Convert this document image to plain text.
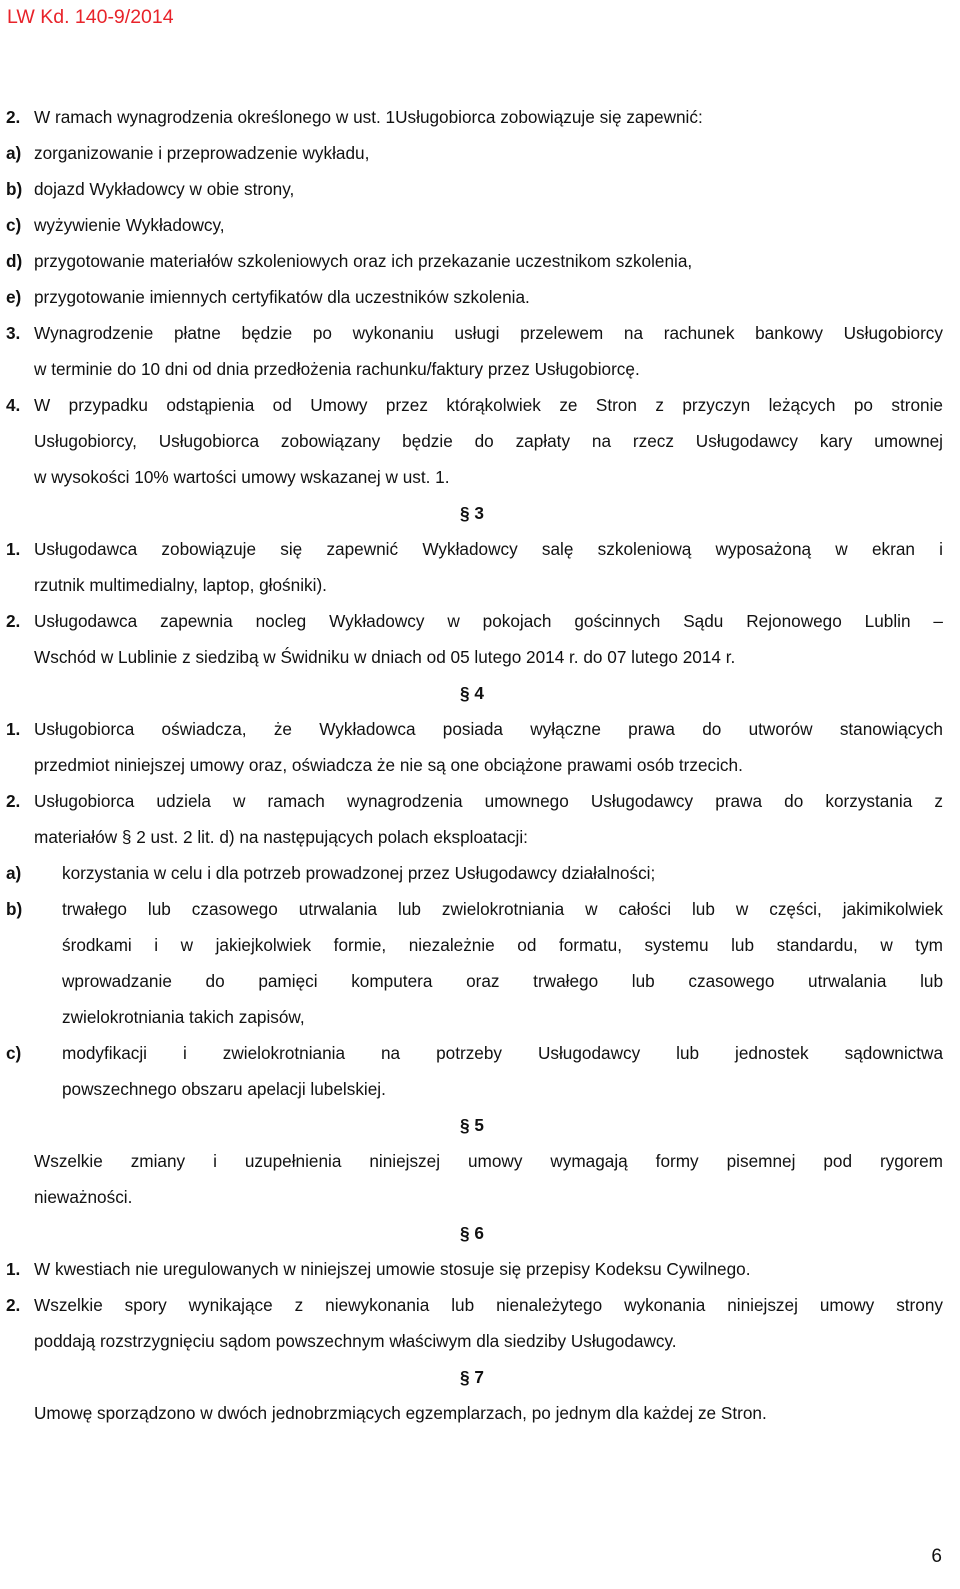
LW Kd. 140-9/2014
2. W ramach wynagrodzenia określonego w ust. 1Usługobiorca zobowiązuje się zapewnić:
a) zorganizowanie i przeprowadzenie wykładu,
b) dojazd Wykładowcy w obie strony,
c) wyżywienie Wykładowcy,
d) przygotowanie materiałów szkoleniowych oraz ich przekazanie uczestnikom szkolenia,
e) przygotowanie imiennych certyfikatów dla uczestników szkolenia.
3. Wynagrodzenie płatne będzie po wykonaniu usługi przelewem na rachunek bankowy Usługobiorcy
w terminie do 10 dni od dnia przedłożenia rachunku/faktury przez Usługobiorcę.
4. W przypadku odstąpienia od Umowy przez którąkolwiek ze Stron z przyczyn leżących po stronie
Usługobiorcy, Usługobiorca zobowiązany będzie do zapłaty na rzecz Usługodawcy kary umownej
w wysokości 10% wartości umowy wskazanej w ust. 1.
§ 3
1. Usługodawca zobowiązuje się zapewnić Wykładowcy salę szkoleniową wyposażoną w ekran i
rzutnik multimedialny, laptop, głośniki).
2. Usługodawca zapewnia nocleg Wykładowcy w pokojach gościnnych Sądu Rejonowego Lublin –
Wschód w Lublinie z siedzibą w Świdniku w dniach od 05 lutego 2014 r. do 07 lutego 2014 r.
§ 4
1. Usługobiorca oświadcza, że Wykładowca posiada wyłączne prawa do utworów stanowiących
przedmiot niniejszej umowy oraz, oświadcza że nie są one obciążone prawami osób trzecich.
2. Usługobiorca udziela w ramach wynagrodzenia umownego Usługodawcy prawa do korzystania z
materiałów § 2 ust. 2 lit. d) na następujących polach eksploatacji:
a) korzystania w celu i dla potrzeb prowadzonej przez Usługodawcy działalności;
b) trwałego lub czasowego utrwalania lub zwielokrotniania w całości lub w części, jakimikolwiek
środkami i w jakiejkolwiek formie, niezależnie od formatu, systemu lub standardu, w tym
wprowadzanie do pamięci komputera oraz trwałego lub czasowego utrwalania lub
zwielokrotniania takich zapisów,
c) modyfikacji i zwielokrotniania na potrzeby Usługodawcy lub jednostek sądownictwa
powszechnego obszaru apelacji lubelskiej.
§ 5
Wszelkie zmiany i uzupełnienia niniejszej umowy wymagają formy pisemnej pod rygorem
nieważności.
§ 6
1. W kwestiach nie uregulowanych w niniejszej umowie stosuje się przepisy Kodeksu Cywilnego.
2. Wszelkie spory wynikające z niewykonania lub nienależytego wykonania niniejszej umowy strony
poddają rozstrzygnięciu sądom powszechnym właściwym dla siedziby Usługodawcy.
§ 7
Umowę sporządzono w dwóch jednobrzmiących egzemplarzach, po jednym dla każdej ze Stron.
6
